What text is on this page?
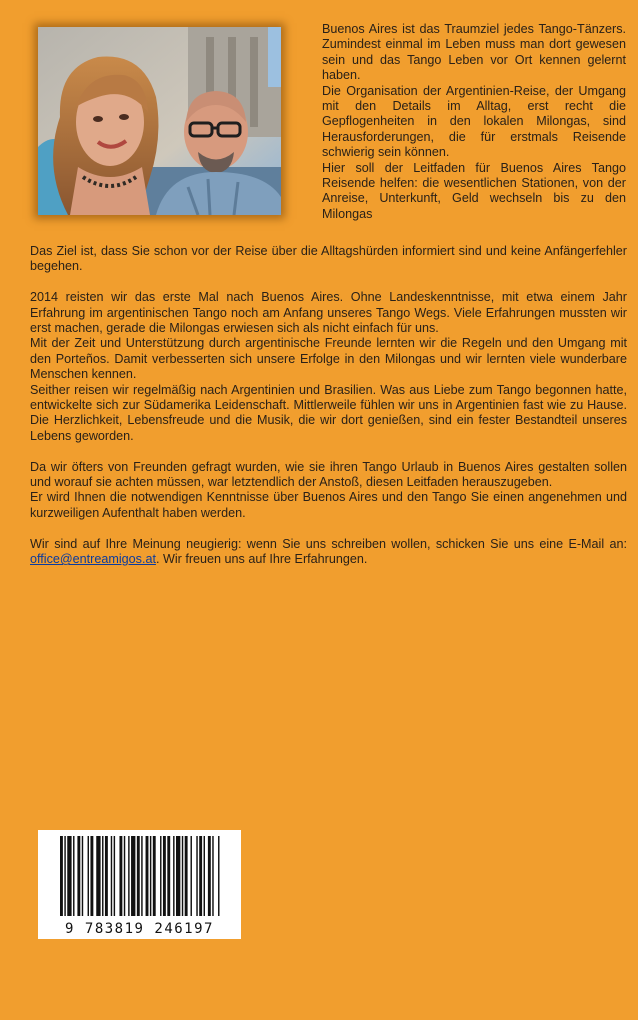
Buenos Aires ist das Traumziel jedes Tango-Tänzers. Zumindest einmal im Leben muss man dort gewesen sein und das Tango Leben vor Ort kennen gelernt haben.

Die Organisation der Argentinien-Reise, der Umgang mit den Details im Alltag, erst recht die Gepflogenheiten in den lokalen Milongas, sind Herausforderungen, die für erstmals Reisende schwierig sein können.

Hier soll der Leitfaden für Buenos Aires Tango Reisende helfen: die wesentlichen Stationen, von der Anreise, Unterkunft, Geld wechseln bis zu den Milongas

Das Ziel ist, dass Sie schon vor der Reise über die Alltagshürden informiert sind und keine Anfängerfehler begehen.

2014 reisten wir das erste Mal nach Buenos Aires. Ohne Landeskenntnisse, mit etwa einem Jahr Erfahrung im argentinischen Tango noch am Anfang unseres Tango Wegs. Viele Erfahrungen mussten wir erst machen, gerade die Milongas erwiesen sich als nicht einfach für uns.

Mit der Zeit und Unterstützung durch argentinische Freunde lernten wir die Regeln und den Umgang mit den Porteños. Damit verbesserten sich unsere Erfolge in den Milongas und wir lernten viele wunderbare Menschen kennen.

Seither reisen wir regelmäßig nach Argentinien und Brasilien. Was aus Liebe zum Tango begonnen hatte, entwickelte sich zur Südamerika Leidenschaft. Mittlerweile fühlen wir uns in Argentinien fast wie zu Hause. Die Herzlichkeit, Lebensfreude und die Musik, die wir dort genießen, sind ein fester Bestandteil unseres Lebens geworden.

Da wir öfters von Freunden gefragt wurden, wie sie ihren Tango Urlaub in Buenos Aires gestalten sollen und worauf sie achten müssen, war letztendlich der Anstoß, diesen Leitfaden herauszugeben.

Er wird Ihnen die notwendigen Kenntnisse über Buenos Aires und den Tango Sie einen angenehmen und kurzweiligen Aufenthalt haben werden.

Wir sind auf Ihre Meinung neugierig: wenn Sie uns schreiben wollen, schicken Sie uns eine E-Mail an: office@entreamigos.at. Wir freuen uns auf Ihre Erfahrungen.

9 783819 246197
